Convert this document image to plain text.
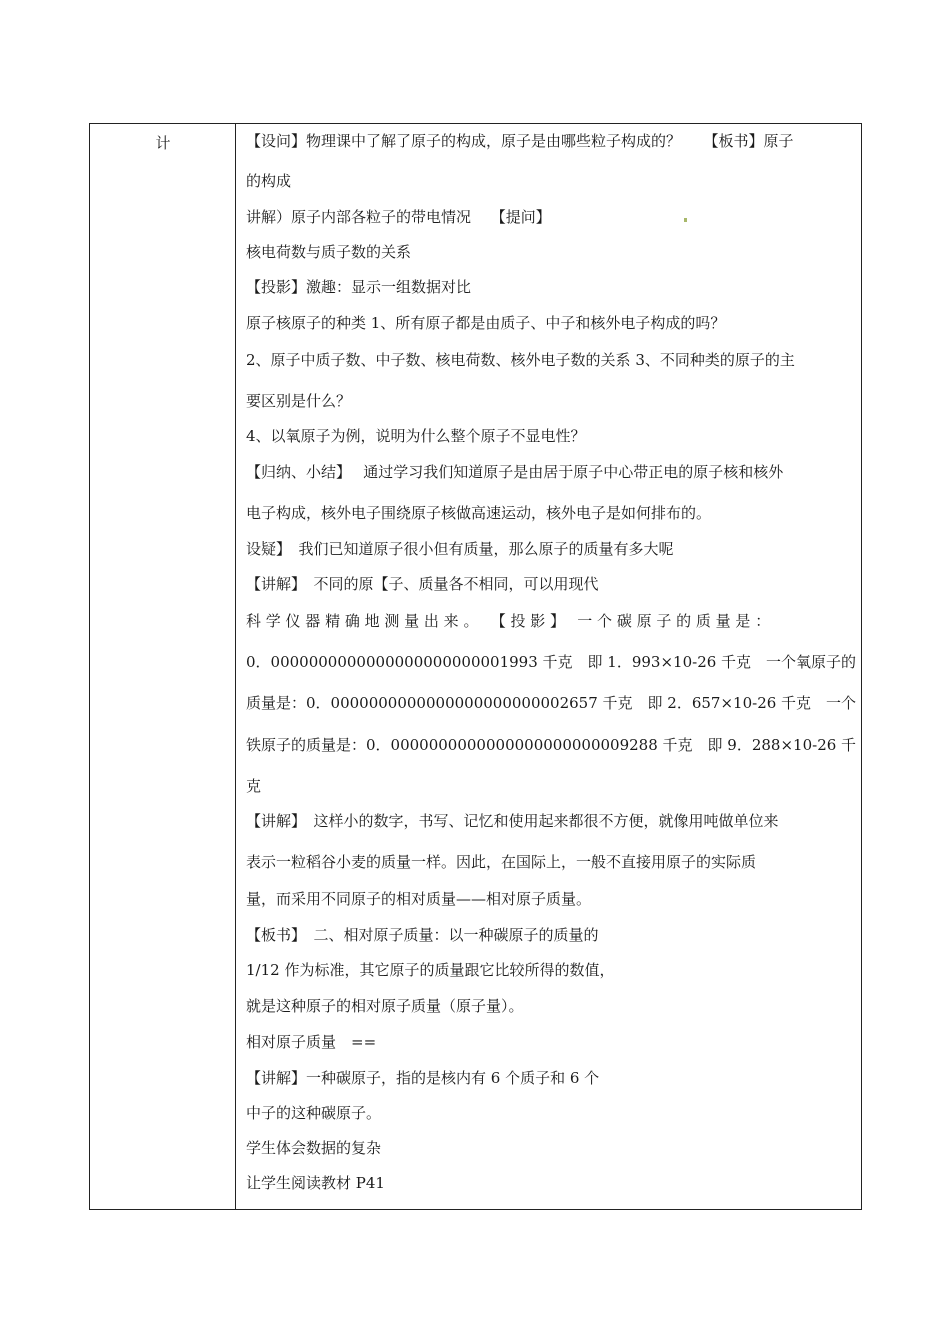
计	【设问】物理课中了解了原子的构成，原子是由哪些粒子构成的？　　【板书】原子
的构成
讲解）原子内部各粒子的带电情况　 【提问】
核电荷数与质子数的关系
【投影】激趣：显示一组数据对比
原子核原子的种类 1、所有原子都是由质子、中子和核外电子构成的吗？
2、原子中质子数、中子数、核电荷数、核外电子数的关系 3、不同种类的原子的主
要区别是什么？
4、以氧原子为例，说明为什么整个原子不显电性？
【归纳、小结】　 通过学习我们知道原子是由居于原子中心带正电的原子核和核外
电子构成，核外电子围绕原子核做高速运动，核外电子是如何排布的。
设疑】　我们已知道原子很小但有质量，那么原子的质量有多大呢
【讲解】　不同的原【子、质量各不相同，可以用现代
科 学 仪 器 精 确 地 测 量 出 来 。　 【 投 影 】　 一 个 碳 原 子 的 质 量 是 ：
0．0000000000000000000000001993 千克　即 1．993×10-26 千克　一个氧原子的
质量是：0．0000000000000000000000002657 千克　即 2．657×10-26 千克　一个
铁原子的质量是：0．0000000000000000000000009288 千克　即 9．288×10-26 千
克
【讲解】　这样小的数字，书写、记忆和使用起来都很不方便，就像用吨做单位来
表示一粒稻谷小麦的质量一样。因此，在国际上，一般不直接用原子的实际质
量，而采用不同原子的相对质量——相对原子质量。
【板书】　二、相对原子质量：以一种碳原子的质量的
1/12 作为标准，其它原子的质量跟它比较所得的数值，
就是这种原子的相对原子质量（原子量）。
相对原子质量　==
【讲解】一种碳原子，指的是核内有 6 个质子和 6 个
中子的这种碳原子。
学生体会数据的复杂
让学生阅读教材 P41
